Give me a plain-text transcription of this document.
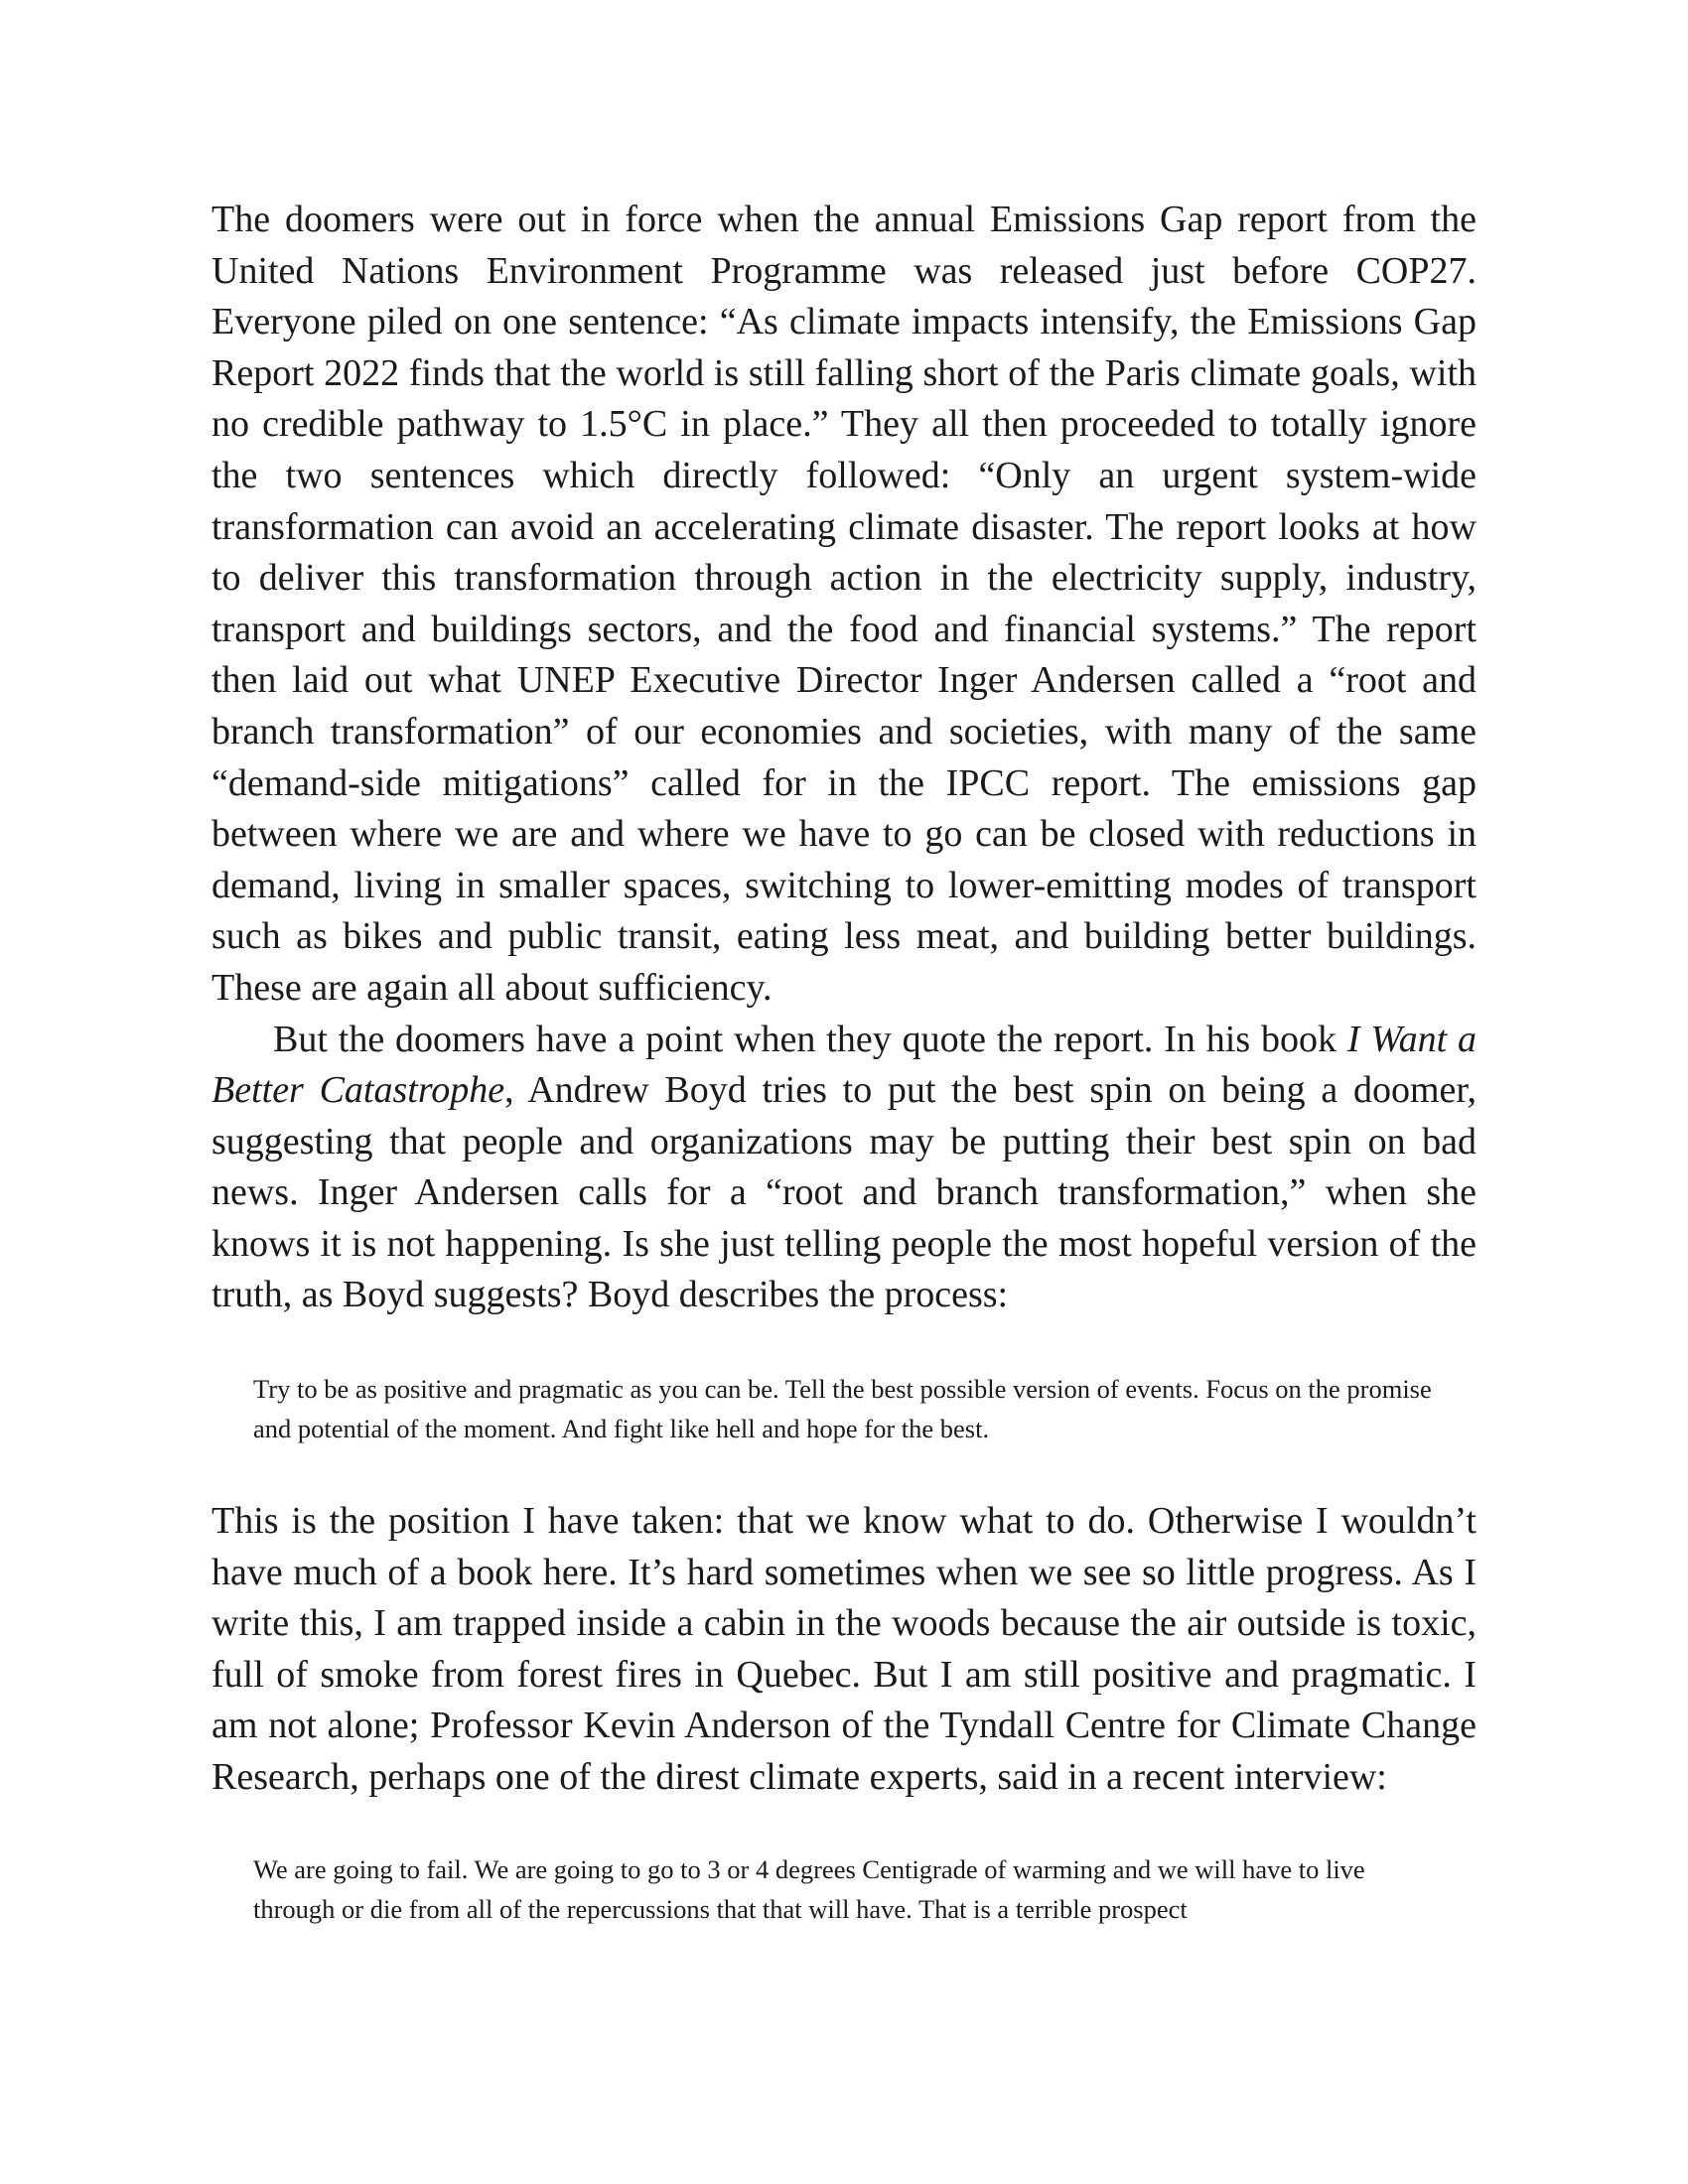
The doomers were out in force when the annual Emissions Gap report from the United Nations Environment Programme was released just before COP27. Everyone piled on one sentence: “As climate impacts intensify, the Emissions Gap Report 2022 finds that the world is still falling short of the Paris climate goals, with no credible pathway to 1.5°C in place.” They all then proceeded to totally ignore the two sentences which directly followed: “Only an urgent system-wide transformation can avoid an accelerating climate disaster. The report looks at how to deliver this transformation through action in the electricity supply, industry, transport and buildings sectors, and the food and financial systems.” The report then laid out what UNEP Executive Director Inger Andersen called a “root and branch transformation” of our economies and societies, with many of the same “demand-side mitigations” called for in the IPCC report. The emissions gap between where we are and where we have to go can be closed with reductions in demand, living in smaller spaces, switching to lower-emitting modes of transport such as bikes and public transit, eating less meat, and building better buildings. These are again all about sufficiency.

But the doomers have a point when they quote the report. In his book I Want a Better Catastrophe, Andrew Boyd tries to put the best spin on being a doomer, suggesting that people and organizations may be putting their best spin on bad news. Inger Andersen calls for a “root and branch transformation,” when she knows it is not happening. Is she just telling people the most hopeful version of the truth, as Boyd suggests? Boyd describes the process:

Try to be as positive and pragmatic as you can be. Tell the best possible version of events. Focus on the promise and potential of the moment. And fight like hell and hope for the best.

This is the position I have taken: that we know what to do. Otherwise I wouldn’t have much of a book here. It’s hard sometimes when we see so little progress. As I write this, I am trapped inside a cabin in the woods because the air outside is toxic, full of smoke from forest fires in Quebec. But I am still positive and pragmatic. I am not alone; Professor Kevin Anderson of the Tyndall Centre for Climate Change Research, perhaps one of the direst climate experts, said in a recent interview:

We are going to fail. We are going to go to 3 or 4 degrees Centigrade of warming and we will have to live through or die from all of the repercussions that that will have. That is a terrible prospect
